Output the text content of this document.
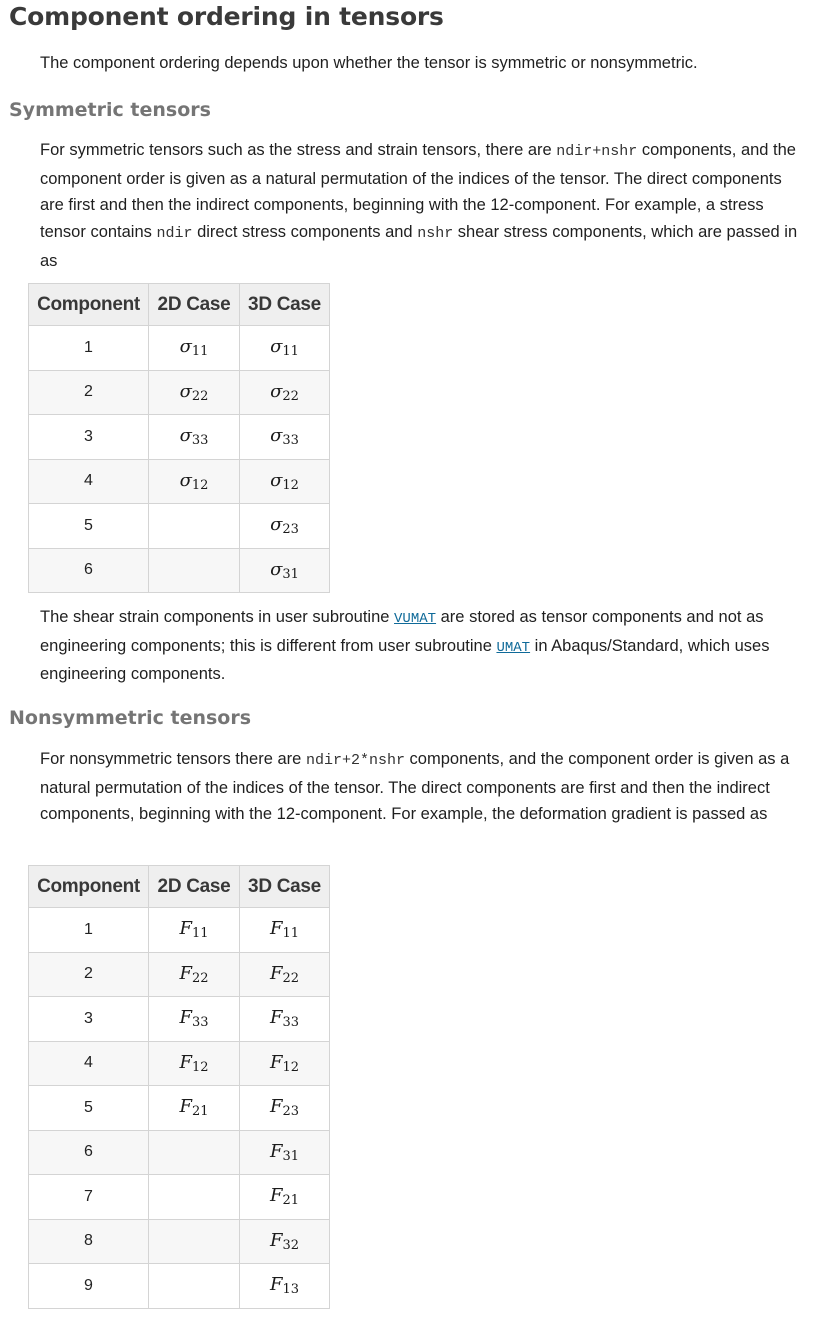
Component ordering in tensors

The component ordering depends upon whether the tensor is symmetric or nonsymmetric.

Symmetric tensors

For symmetric tensors such as the stress and strain tensors, there are ndir+nshr components, and the component order is given as a natural permutation of the indices of the tensor. The direct components are first and then the indirect components, beginning with the 12-component. For example, a stress tensor contains ndir direct stress components and nshr shear stress components, which are passed in as

Component	2D Case	3D Case
1	$\sigma_{11}$	$\sigma_{11}$
2	$\sigma_{22}$	$\sigma_{22}$
3	$\sigma_{33}$	$\sigma_{33}$
4	$\sigma_{12}$	$\sigma_{12}$
5		$\sigma_{23}$
6		$\sigma_{31}$

The shear strain components in user subroutine VUMAT are stored as tensor components and not as engineering components; this is different from user subroutine UMAT in Abaqus/Standard, which uses engineering components.

Nonsymmetric tensors

For nonsymmetric tensors there are ndir+2*nshr components, and the component order is given as a natural permutation of the indices of the tensor. The direct components are first and then the indirect components, beginning with the 12-component. For example, the deformation gradient is passed as

Component	2D Case	3D Case
1	$F_{11}$	$F_{11}$
2	$F_{22}$	$F_{22}$
3	$F_{33}$	$F_{33}$
4	$F_{12}$	$F_{12}$
5	$F_{21}$	$F_{23}$
6		$F_{31}$
7		$F_{21}$
8		$F_{32}$
9		$F_{13}$
